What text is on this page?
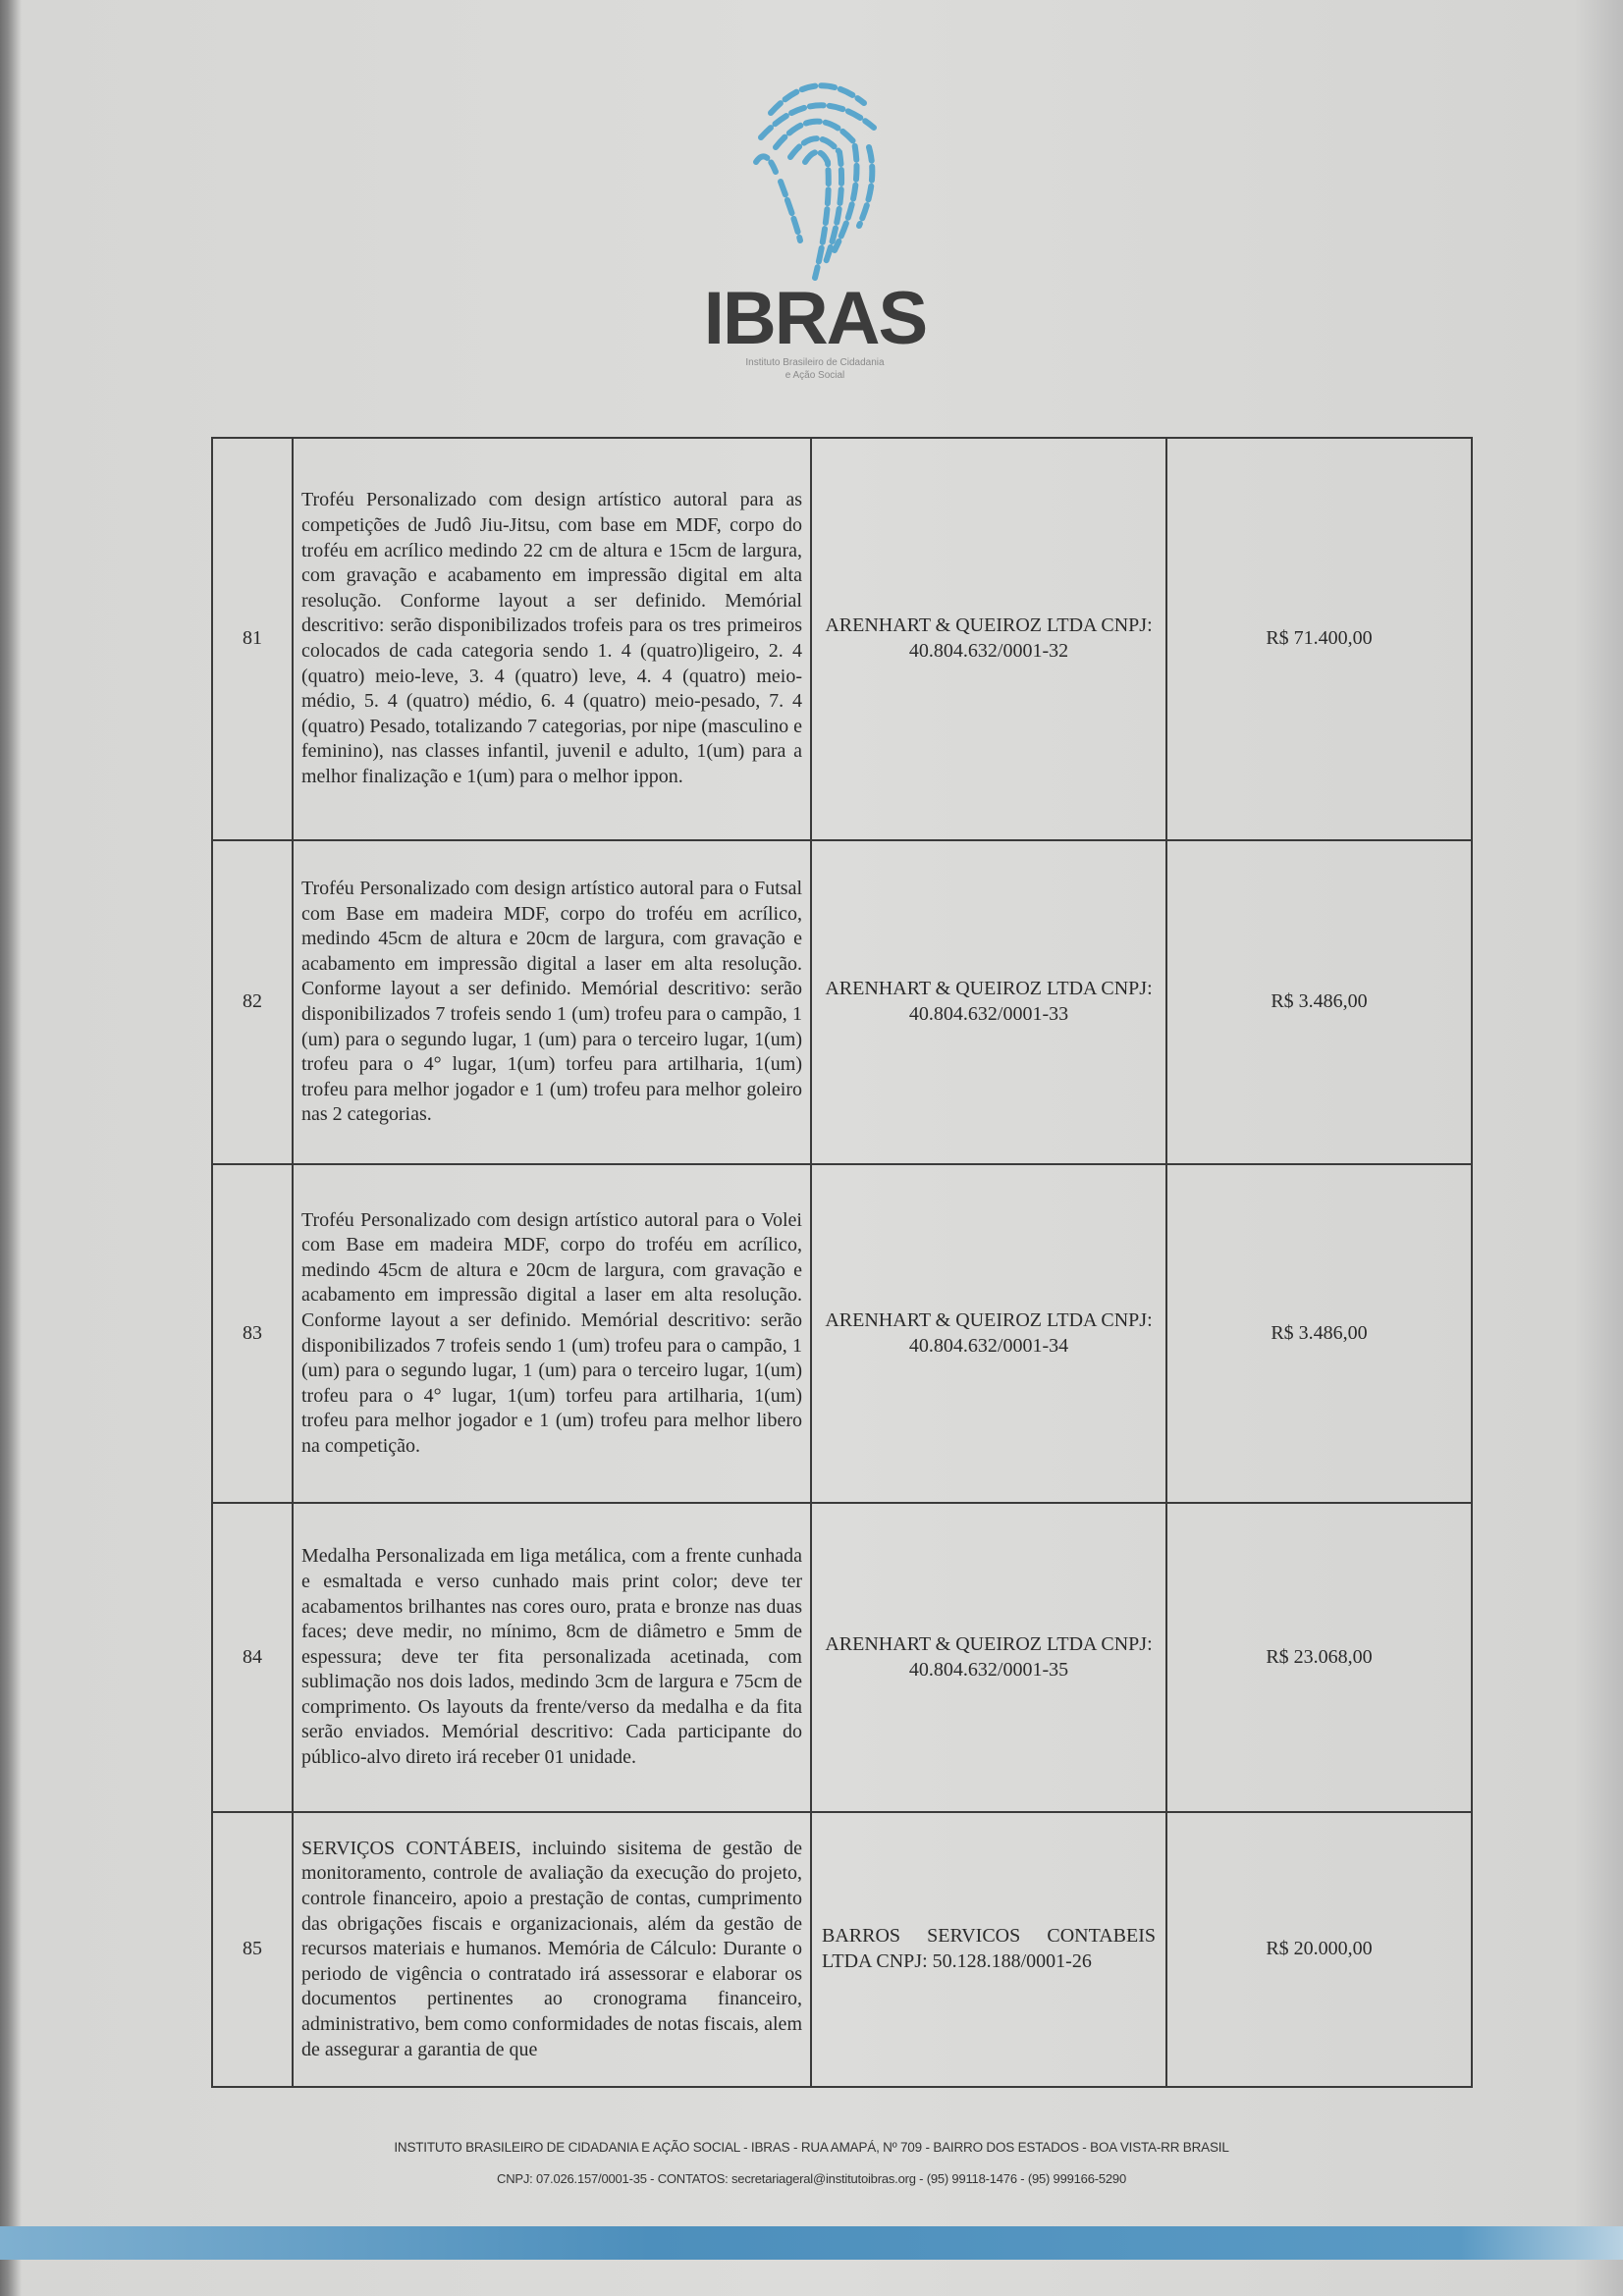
IBRAS
Instituto Brasileiro de Cidadania
e Ação Social
81	Troféu Personalizado com design artístico autoral para as competições de Judô Jiu-Jitsu, com base em MDF, corpo do troféu em acrílico medindo 22 cm de altura e 15cm de largura, com gravação e acabamento em impressão digital em alta resolução. Conforme layout a ser definido. Memórial descritivo: serão disponibilizados trofeis para os tres primeiros colocados de cada categoria sendo 1. 4 (quatro)ligeiro, 2. 4 (quatro) meio-leve, 3. 4 (quatro) leve, 4. 4 (quatro) meio-médio, 5. 4 (quatro) médio, 6. 4 (quatro) meio-pesado, 7. 4 (quatro) Pesado, totalizando 7 categorias, por nipe (masculino e feminino), nas classes infantil, juvenil e adulto, 1(um) para a melhor finalização e 1(um) para o melhor ippon.	ARENHART & QUEIROZ LTDA CNPJ: 40.804.632/0001-32	R$ 71.400,00
82	Troféu Personalizado com design artístico autoral para o Futsal com Base em madeira MDF, corpo do troféu em acrílico, medindo 45cm de altura e 20cm de largura, com gravação e acabamento em impressão digital a laser em alta resolução. Conforme layout a ser definido. Memórial descritivo: serão disponibilizados 7 trofeis sendo 1 (um) trofeu para o campão, 1 (um) para o segundo lugar, 1 (um) para o terceiro lugar, 1(um) trofeu para o 4° lugar, 1(um) torfeu para artilharia, 1(um) trofeu para melhor jogador e 1 (um) trofeu para melhor goleiro nas 2 categorias.	ARENHART & QUEIROZ LTDA CNPJ: 40.804.632/0001-33	R$ 3.486,00
83	Troféu Personalizado com design artístico autoral para o Volei com Base em madeira MDF, corpo do troféu em acrílico, medindo 45cm de altura e 20cm de largura, com gravação e acabamento em impressão digital a laser em alta resolução. Conforme layout a ser definido. Memórial descritivo: serão disponibilizados 7 trofeis sendo 1 (um) trofeu para o campão, 1 (um) para o segundo lugar, 1 (um) para o terceiro lugar, 1(um) trofeu para o 4° lugar, 1(um) torfeu para artilharia, 1(um) trofeu para melhor jogador e 1 (um) trofeu para melhor libero na competição.	ARENHART & QUEIROZ LTDA CNPJ: 40.804.632/0001-34	R$ 3.486,00
84	Medalha Personalizada em liga metálica, com a frente cunhada e esmaltada e verso cunhado mais print color; deve ter acabamentos brilhantes nas cores ouro, prata e bronze nas duas faces; deve medir, no mínimo, 8cm de diâmetro e 5mm de espessura; deve ter fita personalizada acetinada, com sublimação nos dois lados, medindo 3cm de largura e 75cm de comprimento. Os layouts da frente/verso da medalha e da fita serão enviados. Memórial descritivo: Cada participante do público-alvo direto irá receber 01 unidade.	ARENHART & QUEIROZ LTDA CNPJ: 40.804.632/0001-35	R$ 23.068,00
85	SERVIÇOS CONTÁBEIS, incluindo sisitema de gestão de monitoramento, controle de avaliação da execução do projeto, controle financeiro, apoio a prestação de contas, cumprimento das obrigações fiscais e organizacionais, além da gestão de recursos materiais e humanos. Memória de Cálculo: Durante o periodo de vigência o contratado irá assessorar e elaborar os documentos pertinentes ao cronograma financeiro, administrativo, bem como conformidades de notas fiscais, alem de assegurar a garantia de que	BARROS SERVICOS CONTABEIS LTDA CNPJ: 50.128.188/0001-26	R$ 20.000,00
INSTITUTO BRASILEIRO DE CIDADANIA E AÇÃO SOCIAL - IBRAS - RUA AMAPÁ, Nº 709 - BAIRRO DOS ESTADOS - BOA VISTA-RR BRASIL
CNPJ: 07.026.157/0001-35 - CONTATOS: secretariageral@institutoibras.org - (95) 99118-1476 - (95) 999166-5290
